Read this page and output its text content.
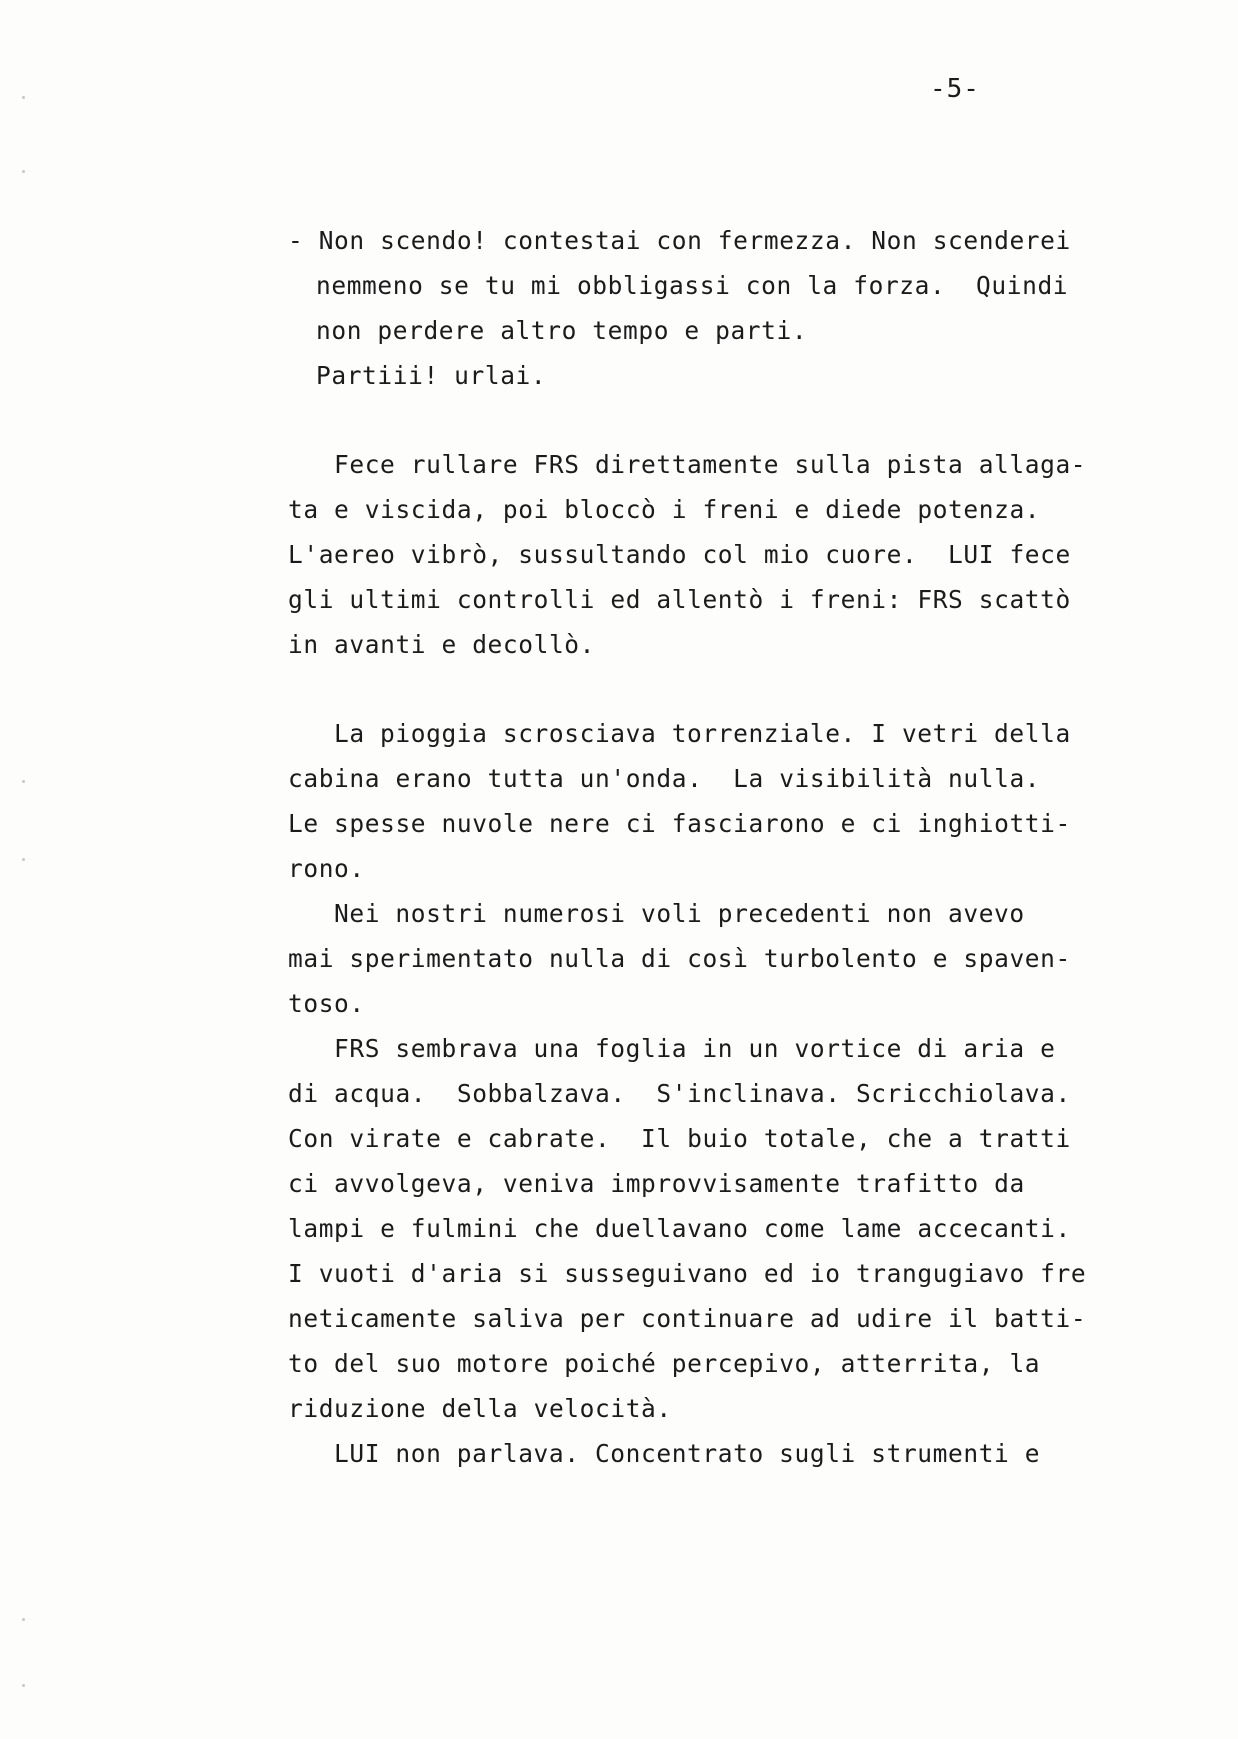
-5-
- Non scendo! contestai con fermezza. Non scenderei
nemmeno se tu mi obbligassi con la forza.  Quindi
non perdere altro tempo e parti.
Partiii! urlai.
Fece rullare FRS direttamente sulla pista allaga-
ta e viscida, poi bloccò i freni e diede potenza.
L'aereo vibrò, sussultando col mio cuore.  LUI fece
gli ultimi controlli ed allentò i freni: FRS scattò
in avanti e decollò.
La pioggia scrosciava torrenziale. I vetri della
cabina erano tutta un'onda.  La visibilità nulla.
Le spesse nuvole nere ci fasciarono e ci inghiotti-
rono.
Nei nostri numerosi voli precedenti non avevo
mai sperimentato nulla di così turbolento e spaven-
toso.
FRS sembrava una foglia in un vortice di aria e
di acqua.  Sobbalzava.  S'inclinava. Scricchiolava.
Con virate e cabrate.  Il buio totale, che a tratti
ci avvolgeva, veniva improvvisamente trafitto da
lampi e fulmini che duellavano come lame accecanti.
I vuoti d'aria si susseguivano ed io trangugiavo fre
neticamente saliva per continuare ad udire il batti-
to del suo motore poiché percepivo, atterrita, la
riduzione della velocità.
LUI non parlava. Concentrato sugli strumenti e
